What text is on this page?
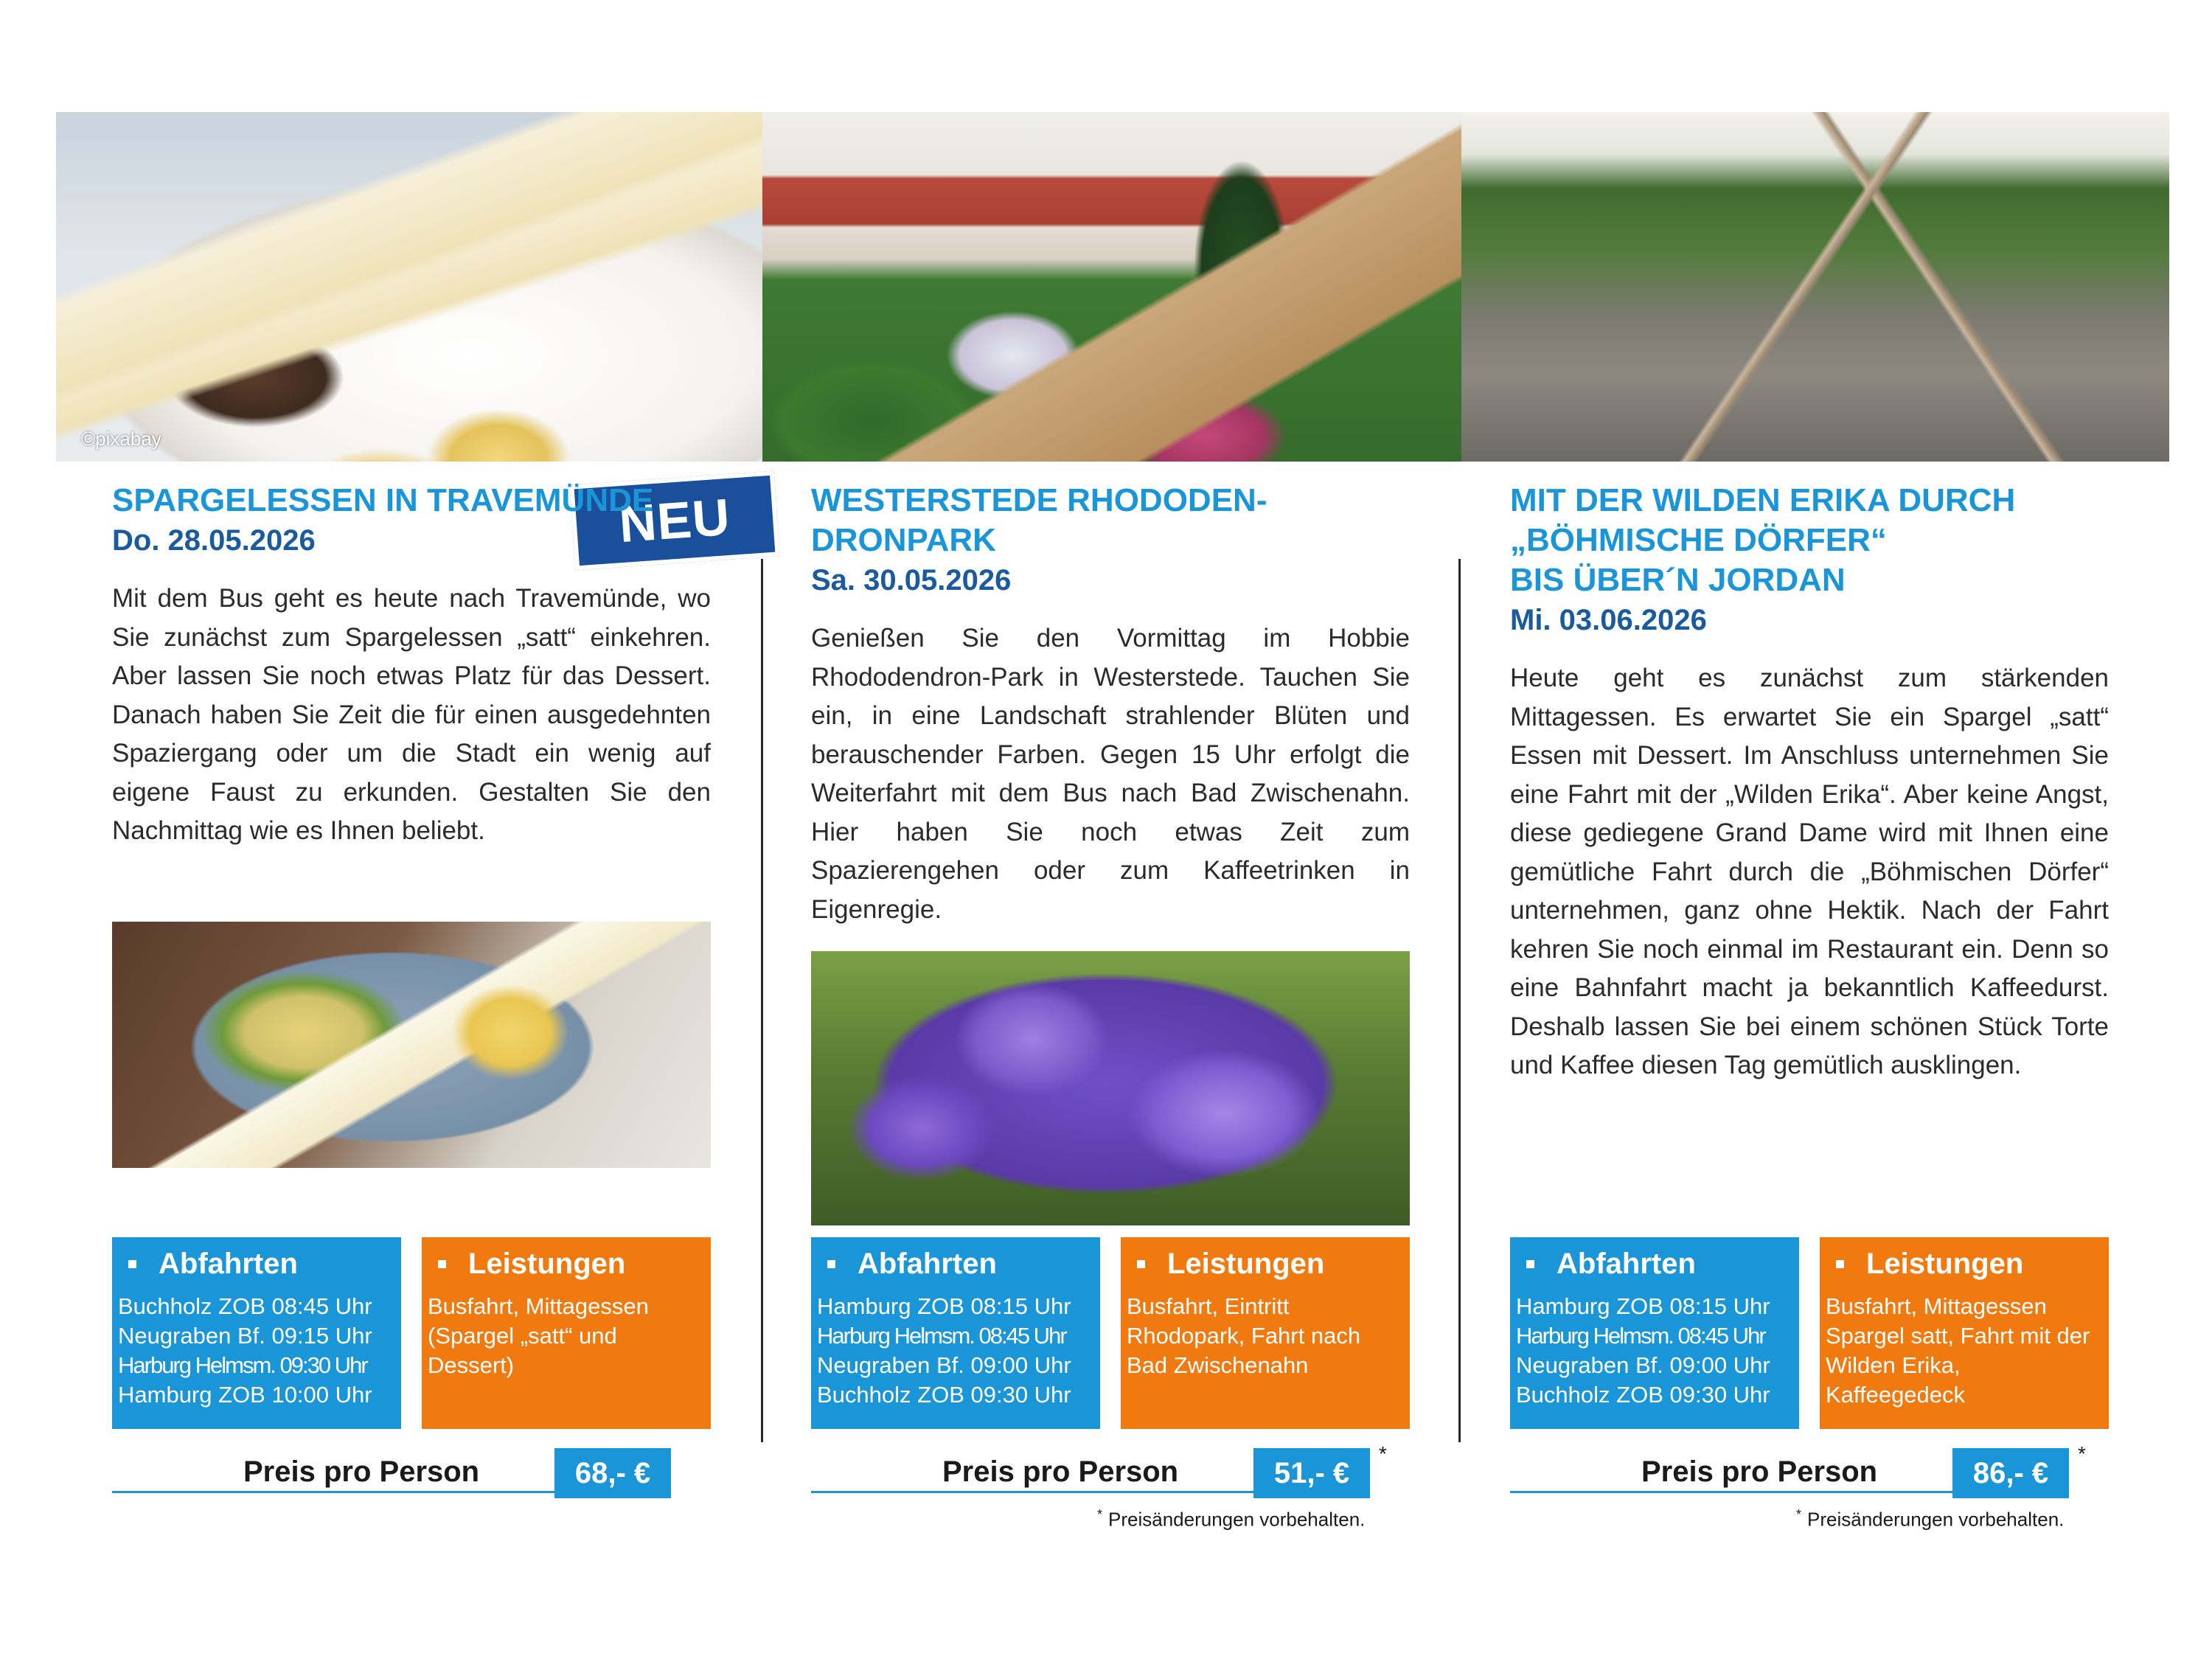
©pixabay
NEU
SPARGELESSEN IN TRAVEMÜNDE
Do. 28.05.2026
Mit dem Bus geht es heute nach Travemünde, wo Sie zunächst zum Spargelessen „satt“ einkehren. Aber lassen Sie noch etwas Platz für das Dessert. Danach haben Sie Zeit die für einen ausgedehnten Spaziergang oder um die Stadt ein wenig auf eigene Faust zu erkunden. Gestalten Sie den Nachmittag wie es Ihnen beliebt.
WESTERSTEDE RHODODEN-DRONPARK
Sa. 30.05.2026
Genießen Sie den Vormittag im Hobbie Rhododendron-Park in Westerstede. Tauchen Sie ein, in eine Landschaft strahlender Blüten und berauschender Farben. Gegen 15 Uhr erfolgt die Weiterfahrt mit dem Bus nach Bad Zwischenahn. Hier haben Sie noch etwas Zeit zum Spazierengehen oder zum Kaffeetrinken in Eigenregie.
MIT DER WILDEN ERIKA DURCH
„BÖHMISCHE DÖRFER“
BIS ÜBER´N JORDAN
Mi. 03.06.2026
Heute geht es zunächst zum stärkenden Mittagessen. Es erwartet Sie ein Spargel „satt“ Essen mit Dessert. Im Anschluss unternehmen Sie eine Fahrt mit der „Wilden Erika“. Aber keine Angst, diese gediegene Grand Dame wird mit Ihnen eine gemütliche Fahrt durch die „Böhmischen Dörfer“ unternehmen, ganz ohne Hektik. Nach der Fahrt kehren Sie noch einmal im Restaurant ein. Denn so eine Bahnfahrt macht ja bekanntlich Kaffeedurst. Deshalb lassen Sie bei einem schönen Stück Torte und Kaffee diesen Tag gemütlich ausklingen.
Abfahrten
Buchholz ZOB 08:45 Uhr
Neugraben Bf. 09:15 Uhr
Harburg Helmsm. 09:30 Uhr
Hamburg ZOB 10:00 Uhr
Leistungen
Busfahrt, Mittagessen (Spargel „satt“ und Dessert)
Abfahrten
Hamburg ZOB 08:15 Uhr
Harburg Helmsm. 08:45 Uhr
Neugraben Bf. 09:00 Uhr
Buchholz ZOB 09:30 Uhr
Leistungen
Busfahrt, Eintritt Rhodopark, Fahrt nach Bad Zwischenahn
Abfahrten
Hamburg ZOB 08:15 Uhr
Harburg Helmsm. 08:45 Uhr
Neugraben Bf. 09:00 Uhr
Buchholz ZOB 09:30 Uhr
Leistungen
Busfahrt, Mittagessen Spargel satt, Fahrt mit der Wilden Erika, Kaffeegedeck
Preis pro Person	68,- €	Preis pro Person	51,- €
*
* Preisänderungen vorbehalten.
Preis pro Person	86,- €
*
* Preisänderungen vorbehalten.
